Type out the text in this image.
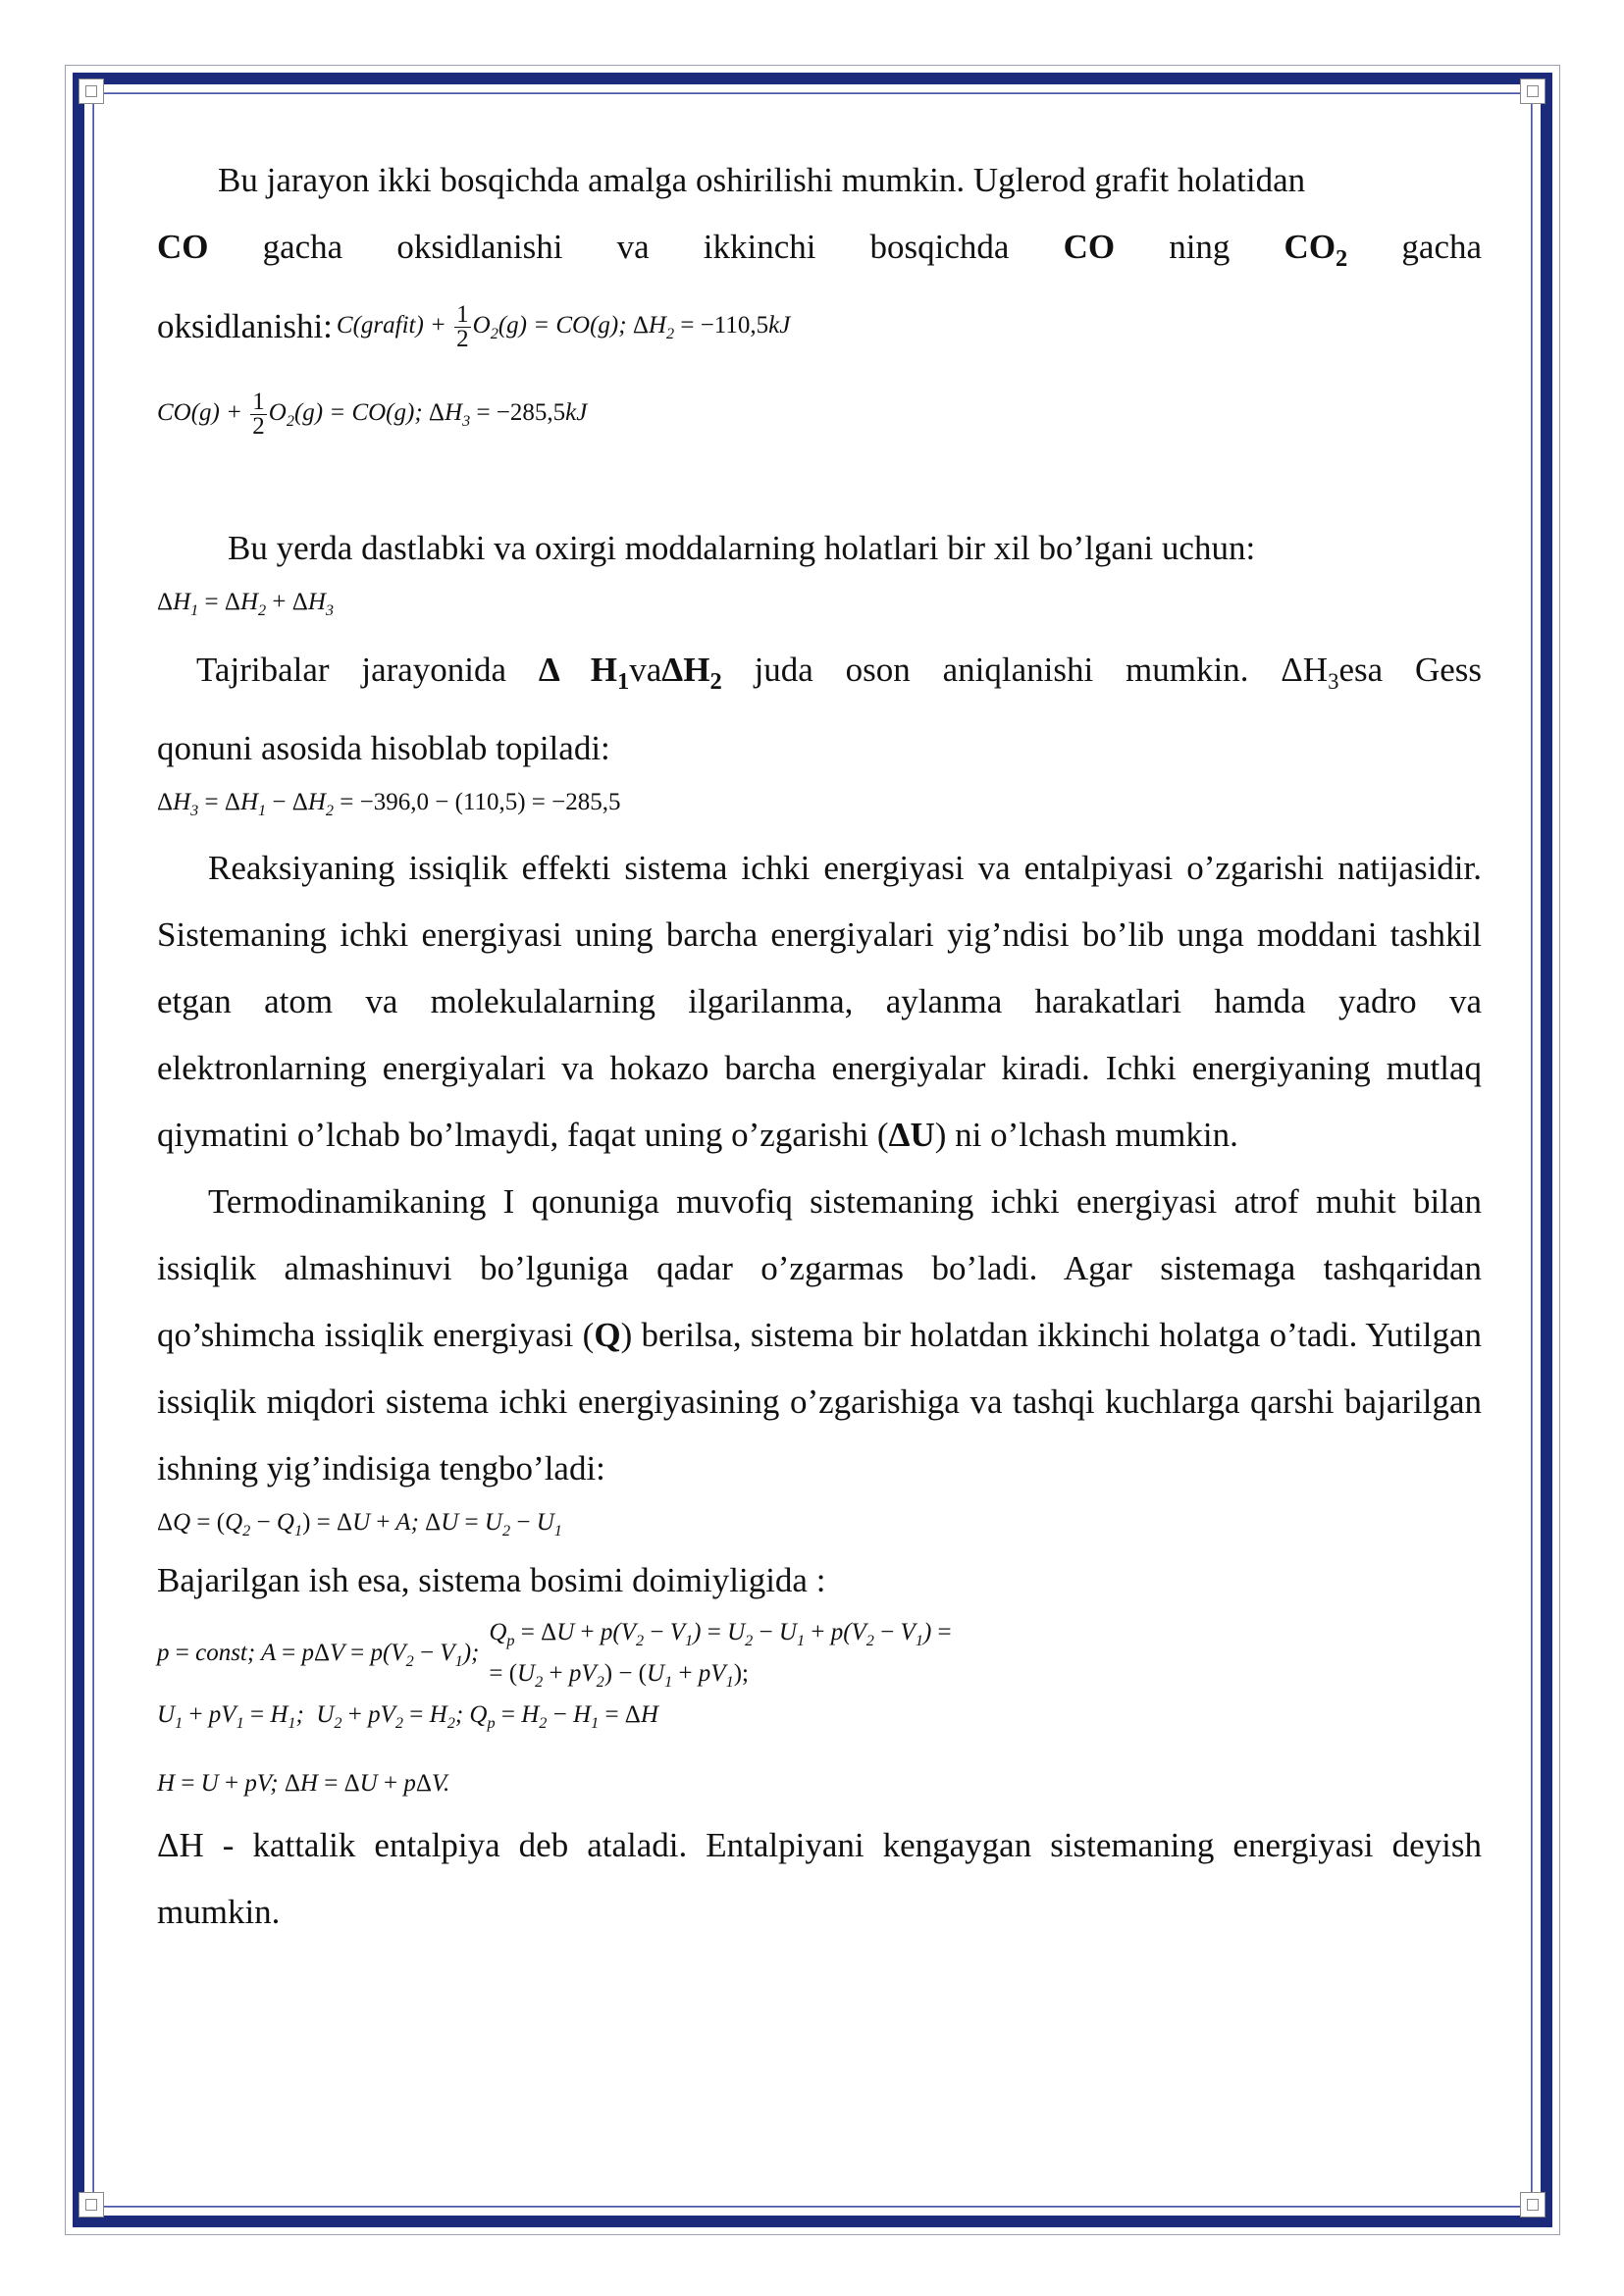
Bu jarayon ikki bosqichda amalga oshirilishi mumkin. Uglerod grafit holatidan

CO gacha oksidlanishi va ikkinchi bosqichda CO ning $CO_2$ gacha

oksidlanishi: C(grafit) + $\frac{1}{2} O_2(g) = CO(g)$; $\Delta H_2 = -110,5kJ$

$CO(g) + \frac{1}{2} O_2(g) = CO(g)$; $\Delta H_3 = -285,5kJ$

Bu yerda dastlabki va oxirgi moddalarning holatlari bir xil bo’lgani uchun:

$\Delta H_1 = \Delta H_2 + \Delta H_3$

Tajribalar jarayonida Δ $H_1va\Delta H_2$ juda oson aniqlanishi mumkin. $\Delta H_3esa$ Gess

qonuni asosida hisoblab topiladi:

$\Delta H_3 = \Delta H_1 - \Delta H_2 = -396,0 - (110,5) = -285,5$

Reaksiyaning issiqlik effekti sistema ichki energiyasi va entalpiyasi o’zgarishi natijasidir. Sistemaning ichki energiyasi uning barcha energiyalari yig’ndisi bo’lib unga moddani tashkil etgan atom va molekulalarning ilgarilanma, aylanma harakatlari hamda yadro va elektronlarning energiyalari va hokazo barcha energiyalar kiradi. Ichki energiyaning mutlaq qiymatini o’lchab bo’lmaydi, faqat uning o’zgarishi (ΔU) ni o’lchash mumkin.

Termodinamikaning I qonuniga muvofiq sistemaning ichki energiyasi atrof muhit bilan issiqlik almashinuvi bo’lguniga qadar o’zgarmas bo’ladi. Agar sistemaga tashqaridan qo’shimcha issiqlik energiyasi (Q) berilsa, sistema bir holatdan ikkinchi holatga o’tadi. Yutilgan issiqlik miqdori sistema ichki energiyasining o’zgarishiga va tashqi kuchlarga qarshi bajarilgan ishning yig’indisiga tengbo’ladi:

$\Delta Q = (Q_2 - Q_1) = \Delta U + A$; $\Delta U = U_2 - U_1$

Bajarilgan ish esa, sistema bosimi doimiyligida :

p = const; $A = p\Delta V = p(V_2 - V_1)$;
$Q_p = \Delta U + p(V_2 - V_1) = U_2 - U_1 + p(V_2 - V_1)$ =
= $(U_2 + pV_2) - (U_1 + pV_1)$;

$U_1 + pV_1 = H_1$;  $U_2 + pV_2 = H_2$; $Q_p = H_2 - H_1 = \Delta H$

H = U + pV; ΔH = ΔU + pΔV.

ΔH - kattalik entalpiya deb ataladi. Entalpiyani kengaygan sistemaning energiyasi deyish mumkin.
